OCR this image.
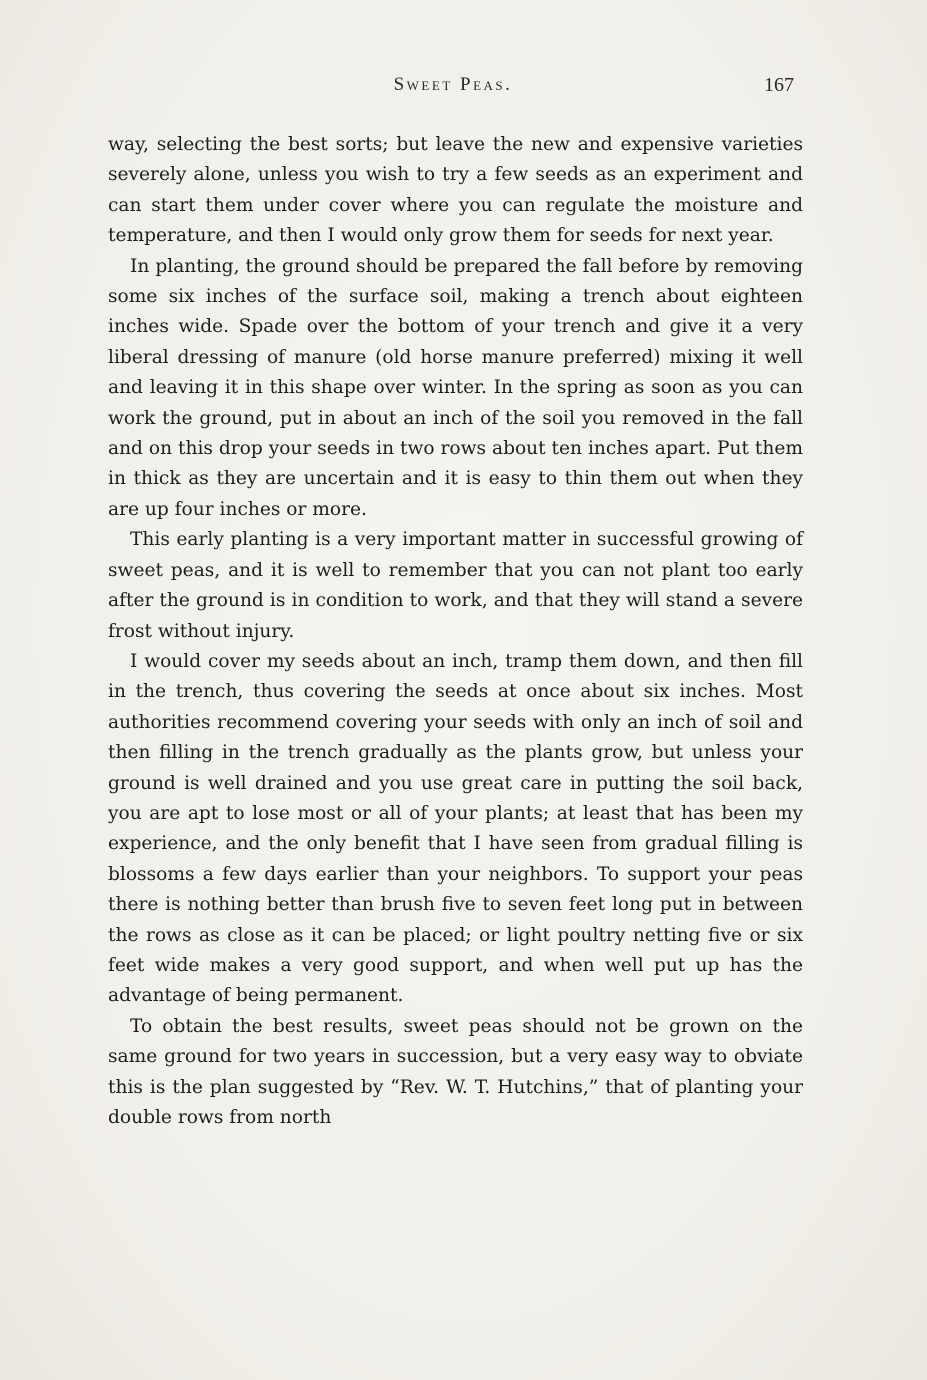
Sweet Peas.	167

way, selecting the best sorts; but leave the new and expensive varieties severely alone, unless you wish to try a few seeds as an experiment and can start them under cover where you can regulate the moisture and temperature, and then I would only grow them for seeds for next year.

In planting, the ground should be prepared the fall before by removing some six inches of the surface soil, making a trench about eighteen inches wide. Spade over the bottom of your trench and give it a very liberal dressing of manure (old horse manure preferred) mixing it well and leaving it in this shape over winter. In the spring as soon as you can work the ground, put in about an inch of the soil you removed in the fall and on this drop your seeds in two rows about ten inches apart. Put them in thick as they are uncertain and it is easy to thin them out when they are up four inches or more.

This early planting is a very important matter in successful growing of sweet peas, and it is well to remember that you can not plant too early after the ground is in condition to work, and that they will stand a severe frost without injury.

I would cover my seeds about an inch, tramp them down, and then fill in the trench, thus covering the seeds at once about six inches. Most authorities recommend covering your seeds with only an inch of soil and then filling in the trench gradually as the plants grow, but unless your ground is well drained and you use great care in putting the soil back, you are apt to lose most or all of your plants; at least that has been my experience, and the only benefit that I have seen from gradual filling is blossoms a few days earlier than your neighbors. To support your peas there is nothing better than brush five to seven feet long put in between the rows as close as it can be placed; or light poultry netting five or six feet wide makes a very good support, and when well put up has the advantage of being permanent.

To obtain the best results, sweet peas should not be grown on the same ground for two years in succession, but a very easy way to obviate this is the plan suggested by “Rev. W. T. Hutchins,” that of planting your double rows from north
